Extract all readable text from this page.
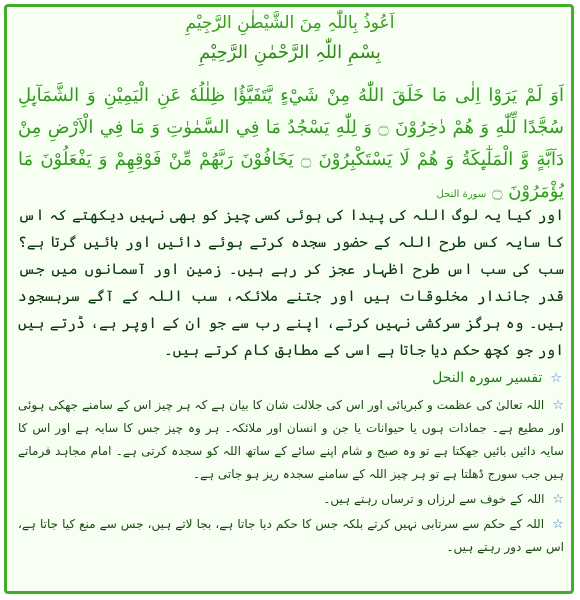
اَعُوذُ بِاللّٰہِ مِنَ الشَّیْطٰنِ الرَّجِیْمِ
بِسْمِ اللّٰہِ الرَّحْمٰنِ الرَّحِیْمِ
اَوَ لَمْ يَرَوْا اِلٰى مَا خَلَقَ اللّٰهُ مِنْ شَيْءٍ يَّتَفَيَّؤُا ظِلٰلُهٗ عَنِ الْيَمِيْنِ وَ الشَّمَآىِٕلِ سُجَّدًا لِّلّٰهِ وَ هُمْ دٰخِرُوْنَ ۝ وَ لِلّٰهِ يَسْجُدُ مَا فِي السَّمٰوٰتِ وَ مَا فِي الْاَرْضِ مِنْ دَآبَّةٍ وَّ الْمَلٰٓىِٕكَةُ وَ هُمْ لَا يَسْتَكْبِرُوْنَ ۝ يَخَافُوْنَ رَبَّهُمْ مِّنْ فَوْقِهِمْ وَ يَفْعَلُوْنَ مَا يُؤْمَرُوْنَ ۝ سورة النحل
اور کیا یہ لوگ اللہ کی پیدا کی ہوئی کسی چیز کو بھی نہیں دیکھتے کہ اس کا سایہ کس طرح اللہ کے حضور سجدہ کرتے ہوئے دائیں اور بائیں گرتا ہے؟ سب کی سب اس طرح اظہار عجز کر رہے ہیں۔ زمین اور آسمانوں میں جس قدر جاندار مخلوقات ہیں اور جتنے ملائکہ، سب اللہ کے آگے سربسجود ہیں۔ وہ ہرگز سرکشی نہیں کرتے، اپنے رب سے جو ان کے اوپر ہے، ڈرتے ہیں اور جو کچھ حکم دیا جاتا ہے اسی کے مطابق کام کرتے ہیں۔
☆
تفسیر سورہ النحل
☆ اللہ تعالیٰ کی عظمت و کبریائی اور اس کی جلالت شان کا بیان ہے کہ ہر چیز اس کے سامنے جھکی ہوئی اور مطیع ہے۔ جمادات ہوں یا حیوانات یا جن و انسان اور ملائکہ۔ ہر وہ چیز جس کا سایہ ہے اور اس کا سایہ دائیں بائیں جھکتا ہے تو وہ صبح و شام اپنے سائے کے ساتھ اللہ کو سجدہ کرتی ہے۔ امام مجاہد فرماتے ہیں جب سورج ڈھلتا ہے تو ہر چیز اللہ کے سامنے سجدہ ریز ہو جاتی ہے۔
☆ اللہ کے خوف سے لرزاں و ترساں رہتے ہیں۔
☆ اللہ کے حکم سے سرتابی نہیں کرتے بلکہ جس کا حکم دیا جاتا ہے، بجا لاتے ہیں، جس سے منع کیا جاتا ہے، اس سے دور رہتے ہیں۔
